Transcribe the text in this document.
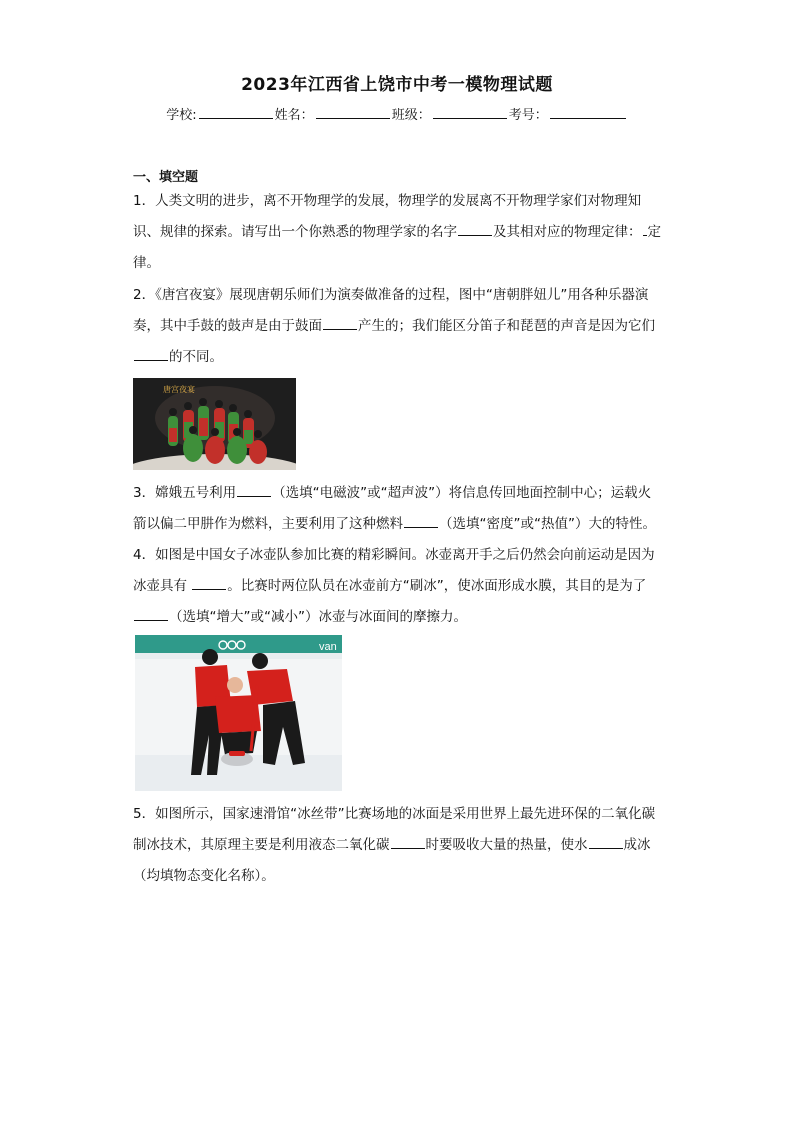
2023年江西省上饶市中考一模物理试题
学校:	姓名：	班级：	考号：
一、填空题
1．人类文明的进步，离不开物理学的发展，物理学的发展离不开物理学家们对物理知识、规律的探索。请写出一个你熟悉的物理学家的名字	及其相对应的物理定律： 定律。
2．《唐宫夜宴》展现唐朝乐师们为演奏做准备的过程，图中“唐朝胖妞儿”用各种乐器演奏，其中手鼓的鼓声是由于鼓面	产生的；我们能区分笛子和琵琶的声音是因为它们的不同。
唐宫夜宴
3．嫦娥五号利用	（选填“电磁波”或“超声波”）将信息传回地面控制中心；运载火箭以偏二甲肼作为燃料，主要利用了这种燃料	（选填“密度”或“热值”）大的特性。
4．如图是中国女子冰壶队参加比赛的精彩瞬间。冰壶离开手之后仍然会向前运动是因为冰壶具有	。比赛时两位队员在冰壶前方“刷冰”，使冰面形成水膜，其目的是为了 （选填“增大”或“减小”）冰壶与冰面间的摩擦力。
van
5．如图所示，国家速滑馆“冰丝带”比赛场地的冰面是采用世界上最先进环保的二氧化碳制冰技术，其原理主要是利用液态二氧化碳	时要吸收大量的热量，使水	成冰（均填物态变化名称）。
